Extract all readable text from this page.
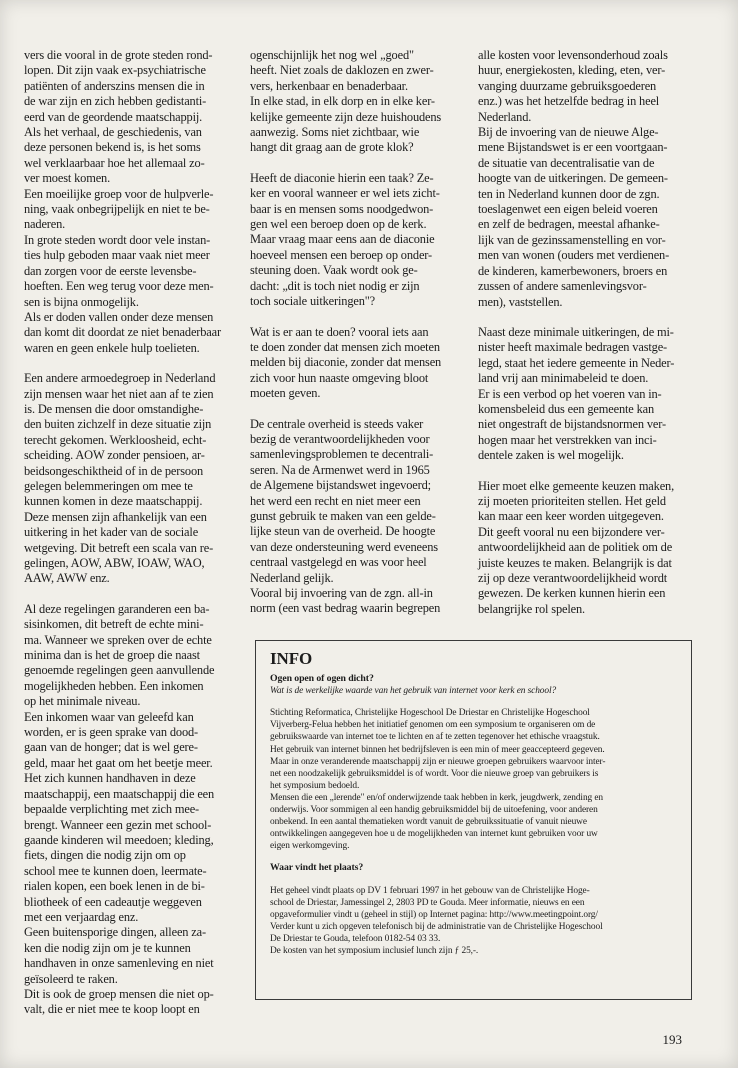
vers die vooral in de grote steden rond-
lopen. Dit zijn vaak ex-psychiatrische
patiënten of anderszins mensen die in
de war zijn en zich hebben gedistanti-
eerd van de geordende maatschappij.
Als het verhaal, de geschiedenis, van
deze personen bekend is, is het soms
wel verklaarbaar hoe het allemaal zo-
ver moest komen.
Een moeilijke groep voor de hulpverle-
ning, vaak onbegrijpelijk en niet te be-
naderen.
In grote steden wordt door vele instan-
ties hulp geboden maar vaak niet meer
dan zorgen voor de eerste levensbe-
hoeften. Een weg terug voor deze men-
sen is bijna onmogelijk.
Als er doden vallen onder deze mensen
dan komt dit doordat ze niet benaderbaar
waren en geen enkele hulp toelieten.

Een andere armoedegroep in Nederland
zijn mensen waar het niet aan af te zien
is. De mensen die door omstandighe-
den buiten zichzelf in deze situatie zijn
terecht gekomen. Werkloosheid, echt-
scheiding. AOW zonder pensioen, ar-
beidsongeschiktheid of in de persoon
gelegen belemmeringen om mee te
kunnen komen in deze maatschappij.
Deze mensen zijn afhankelijk van een
uitkering in het kader van de sociale
wetgeving. Dit betreft een scala van re-
gelingen, AOW, ABW, IOAW, WAO,
AAW, AWW enz.

Al deze regelingen garanderen een ba-
sisinkomen, dit betreft de echte mini-
ma. Wanneer we spreken over de echte
minima dan is het de groep die naast
genoemde regelingen geen aanvullende
mogelijkheden hebben. Een inkomen
op het minimale niveau.
Een inkomen waar van geleefd kan
worden, er is geen sprake van dood-
gaan van de honger; dat is wel gere-
geld, maar het gaat om het beetje meer.
Het zich kunnen handhaven in deze
maatschappij, een maatschappij die een
bepaalde verplichting met zich mee-
brengt. Wanneer een gezin met school-
gaande kinderen wil meedoen; kleding,
fiets, dingen die nodig zijn om op
school mee te kunnen doen, leermate-
rialen kopen, een boek lenen in de bi-
bliotheek of een cadeautje weggeven
met een verjaardag enz.
Geen buitensporige dingen, alleen za-
ken die nodig zijn om je te kunnen
handhaven in onze samenleving en niet
geïsoleerd te raken.
Dit is ook de groep mensen die niet op-
valt, die er niet mee te koop loopt en

ogenschijnlijk het nog wel „goed"
heeft. Niet zoals de daklozen en zwer-
vers, herkenbaar en benaderbaar.
In elke stad, in elk dorp en in elke ker-
kelijke gemeente zijn deze huishoudens
aanwezig. Soms niet zichtbaar, wie
hangt dit graag aan de grote klok?

Heeft de diaconie hierin een taak? Ze-
ker en vooral wanneer er wel iets zicht-
baar is en mensen soms noodgedwon-
gen wel een beroep doen op de kerk.
Maar vraag maar eens aan de diaconie
hoeveel mensen een beroep op onder-
steuning doen. Vaak wordt ook ge-
dacht: „dit is toch niet nodig er zijn
toch sociale uitkeringen"?

Wat is er aan te doen? vooral iets aan
te doen zonder dat mensen zich moeten
melden bij diaconie, zonder dat mensen
zich voor hun naaste omgeving bloot
moeten geven.

De centrale overheid is steeds vaker
bezig de verantwoordelijkheden voor
samenlevingsproblemen te decentrali-
seren. Na de Armenwet werd in 1965
de Algemene bijstandswet ingevoerd;
het werd een recht en niet meer een
gunst gebruik te maken van een gelde-
lijke steun van de overheid. De hoogte
van deze ondersteuning werd eveneens
centraal vastgelegd en was voor heel
Nederland gelijk.
Vooral bij invoering van de zgn. all-in
norm (een vast bedrag waarin begrepen

alle kosten voor levensonderhoud zoals
huur, energiekosten, kleding, eten, ver-
vanging duurzame gebruiksgoederen
enz.) was het hetzelfde bedrag in heel
Nederland.
Bij de invoering van de nieuwe Alge-
mene Bijstandswet is er een voortgaan-
de situatie van decentralisatie van de
hoogte van de uitkeringen. De gemeen-
ten in Nederland kunnen door de zgn.
toeslagenwet een eigen beleid voeren
en zelf de bedragen, meestal afhanke-
lijk van de gezinssamenstelling en vor-
men van wonen (ouders met verdienen-
de kinderen, kamerbewoners, broers en
zussen of andere samenlevingsvor-
men), vaststellen.

Naast deze minimale uitkeringen, de mi-
nister heeft maximale bedragen vastge-
legd, staat het iedere gemeente in Neder-
land vrij aan minimabeleid te doen.
Er is een verbod op het voeren van in-
komensbeleid dus een gemeente kan
niet ongestraft de bijstandsnormen ver-
hogen maar het verstrekken van inci-
dentele zaken is wel mogelijk.

Hier moet elke gemeente keuzen maken,
zij moeten prioriteiten stellen. Het geld
kan maar een keer worden uitgegeven.
Dit geeft vooral nu een bijzondere ver-
antwoordelijkheid aan de politiek om de
juiste keuzes te maken. Belangrijk is dat
zij op deze verantwoordelijkheid wordt
gewezen. De kerken kunnen hierin een
belangrijke rol spelen.

INFO
Ogen open of ogen dicht?
Wat is de werkelijke waarde van het gebruik van internet voor kerk en school?

Stichting Reformatica, Christelijke Hogeschool De Driestar en Christelijke Hogeschool
Vijverberg-Felua hebben het initiatief genomen om een symposium te organiseren om de
gebruikswaarde van internet toe te lichten en af te zetten tegenover het ethische vraagstuk.
Het gebruik van internet binnen het bedrijfsleven is een min of meer geaccepteerd gegeven.
Maar in onze veranderende maatschappij zijn er nieuwe groepen gebruikers waarvoor inter-
net een noodzakelijk gebruiksmiddel is of wordt. Voor die nieuwe groep van gebruikers is
het symposium bedoeld.
Mensen die een „lerende" en/of onderwijzende taak hebben in kerk, jeugdwerk, zending en
onderwijs. Voor sommigen al een handig gebruiksmiddel bij de uitoefening, voor anderen
onbekend. In een aantal thematieken wordt vanuit de gebruikssituatie of vanuit nieuwe
ontwikkelingen aangegeven hoe u de mogelijkheden van internet kunt gebruiken voor uw
eigen werkomgeving.

Waar vindt het plaats?

Het geheel vindt plaats op DV 1 februari 1997 in het gebouw van de Christelijke Hoge-
school de Driestar, Jamessingel 2, 2803 PD te Gouda. Meer informatie, nieuws en een
opgaveformulier vindt u (geheel in stijl) op Internet pagina: http://www.meetingpoint.org/
Verder kunt u zich opgeven telefonisch bij de administratie van de Christelijke Hogeschool
De Driestar te Gouda, telefoon 0182-54 03 33.
De kosten van het symposium inclusief lunch zijn ƒ 25,-.

193
